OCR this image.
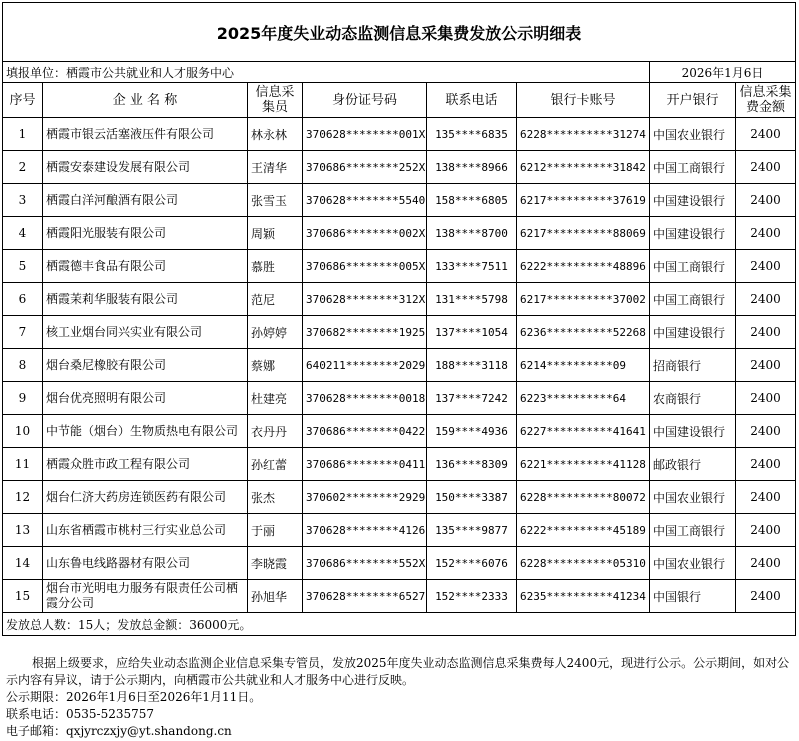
2025年度失业动态监测信息采集费发放公示明细表							
填报单位：栖霞市公共就业和人才服务中心						2026年1月6日	
序号	企 业 名 称	信息采集员	身份证号码	联系电话	银行卡账号	开户银行	信息采集费金额
1	栖霞市银云活塞液压件有限公司	林永林	370628********001X	135****6835	6228**********31274	中国农业银行	2400
2	栖霞安泰建设发展有限公司	王清华	370686********252X	138****8966	6212**********31842	中国工商银行	2400
3	栖霞白洋河酿酒有限公司	张雪玉	370628********5540	158****6805	6217**********37619	中国建设银行	2400
4	栖霞阳光服装有限公司	周颖	370686********002X	138****8700	6217**********88069	中国建设银行	2400
5	栖霞德丰食品有限公司	慕胜	370686********005X	133****7511	6222**********48896	中国工商银行	2400
6	栖霞茉莉华服装有限公司	范尼	370628********312X	131****5798	6217**********37002	中国工商银行	2400
7	核工业烟台同兴实业有限公司	孙婷婷	370682********1925	137****1054	6236**********52268	中国建设银行	2400
8	烟台桑尼橡胶有限公司	蔡娜	640211********2029	188****3118	6214**********09	招商银行	2400
9	烟台优亮照明有限公司	杜建亮	370628********0018	137****7242	6223**********64	农商银行	2400
10	中节能（烟台）生物质热电有限公司	衣丹丹	370686********0422	159****4936	6227**********41641	中国建设银行	2400
11	栖霞众胜市政工程有限公司	孙红蕾	370686********0411	136****8309	6221**********41128	邮政银行	2400
12	烟台仁济大药房连锁医药有限公司	张杰	370602********2929	150****3387	6228**********80072	中国农业银行	2400
13	山东省栖霞市桃村三行实业总公司	于丽	370628********4126	135****9877	6222**********45189	中国工商银行	2400
14	山东鲁电线路器材有限公司	李晓霞	370686********552X	152****6076	6228**********05310	中国农业银行	2400
15	烟台市光明电力服务有限责任公司栖霞分公司	孙旭华	370628********6527	152****2333	6235**********41234	中国银行	2400
发放总人数：15人；发放总金额：36000元。							

根据上级要求，应给失业动态监测企业信息采集专管员，发放2025年度失业动态监测信息采集费每人2400元，现进行公示。公示期间，如对公示内容有异议，请于公示期内，向栖霞市公共就业和人才服务中心进行反映。

公示期限：2026年1月6日至2026年1月11日。

联系电话：0535-5235757

电子邮箱：qxjyrczxjy@yt.shandong.cn
